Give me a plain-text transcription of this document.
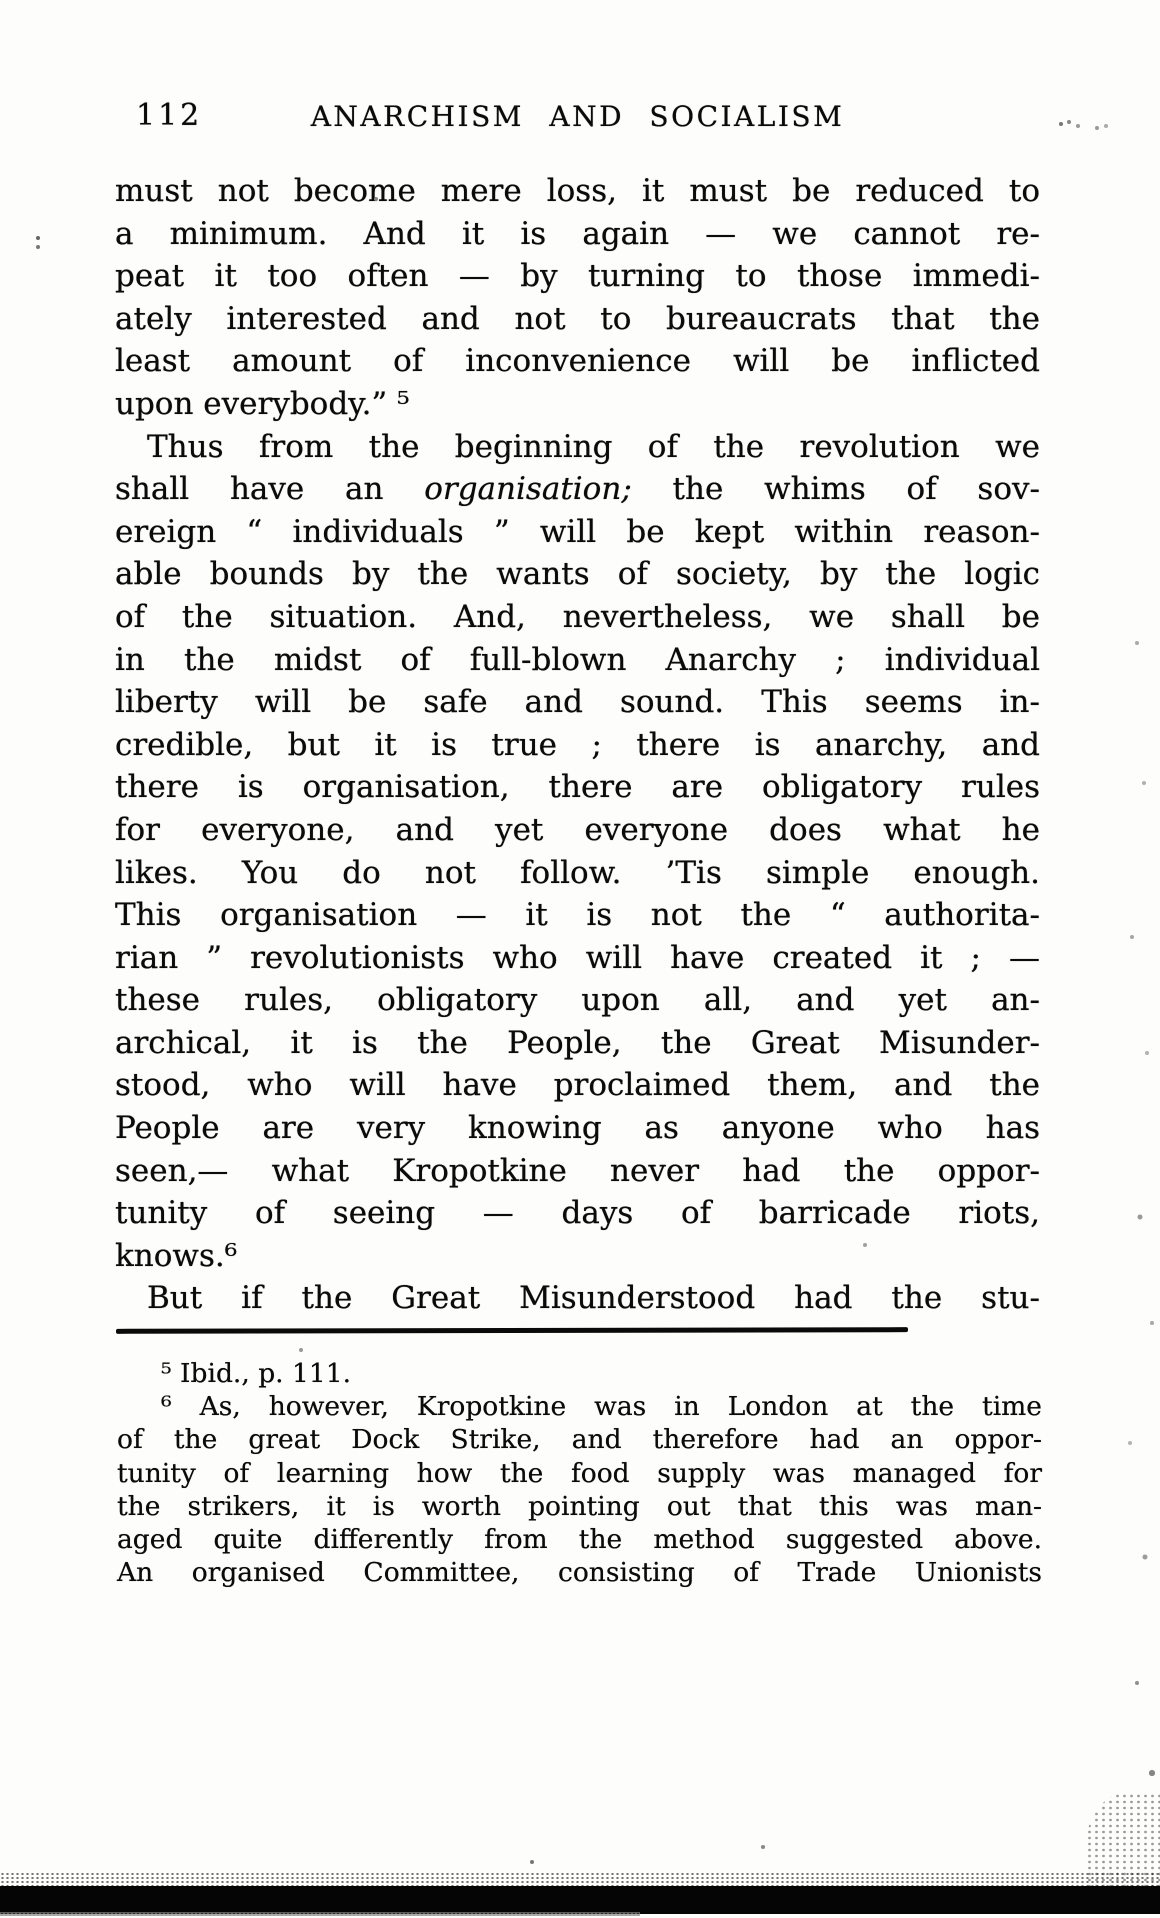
112	ANARCHISM AND SOCIALISM
must not become mere loss, it must be reduced to
a minimum. And it is again — we cannot re-
peat it too often — by turning to those immedi-
ately interested and not to bureaucrats that the
least amount of inconvenience will be inflicted
upon everybody.” ⁵
Thus from the beginning of the revolution we
shall have an organisation; the whims of sov-
ereign “ individuals ” will be kept within reason-
able bounds by the wants of society, by the logic
of the situation. And, nevertheless, we shall be
in the midst of full-blown Anarchy ; individual
liberty will be safe and sound. This seems in-
credible, but it is true ; there is anarchy, and
there is organisation, there are obligatory rules
for everyone, and yet everyone does what he
likes. You do not follow. ’Tis simple enough.
This organisation — it is not the “ authorita-
rian ” revolutionists who will have created it ; —
these rules, obligatory upon all, and yet an-
archical, it is the People, the Great Misunder-
stood, who will have proclaimed them, and the
People are very knowing as anyone who has
seen,— what Kropotkine never had the oppor-
tunity of seeing — days of barricade riots,
knows.⁶
But if the Great Misunderstood had the stu-
⁵ Ibid., p. 111.
⁶ As, however, Kropotkine was in London at the time
of the great Dock Strike, and therefore had an oppor-
tunity of learning how the food supply was managed for
the strikers, it is worth pointing out that this was man-
aged quite differently from the method suggested above.
An organised Committee, consisting of Trade Unionists
